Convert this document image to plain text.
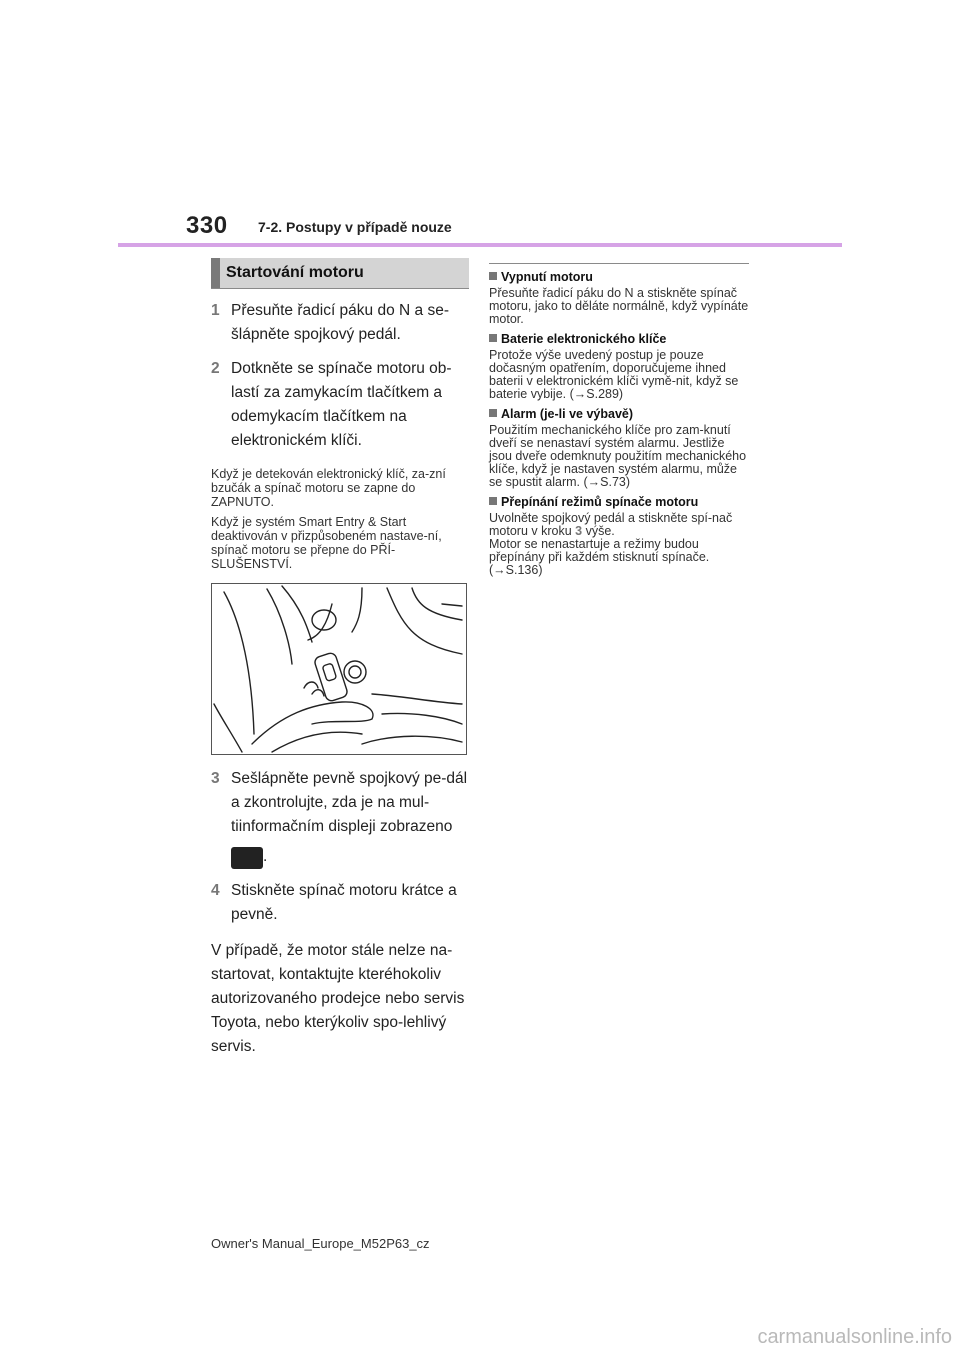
330 7-2. Postupy v případě nouze
Startování motoru
1 Přesuňte řadicí páku do N a se-šlápněte spojkový pedál.
2 Dotkněte se spínače motoru ob-lastí za zamykacím tlačítkem a odemykacím tlačítkem na elektronickém klíči.
Když je detekován elektronický klíč, za-zní bzučák a spínač motoru se zapne do ZAPNUTO.
Když je systém Smart Entry & Start deaktivován v přizpůsobeném nastave-ní, spínač motoru se přepne do PŘÍ-SLUŠENSTVÍ.
3 Sešlápněte pevně spojkový pe-dál a zkontrolujte, zda je na mul-tiinformačním displeji zobrazeno
.
4 Stiskněte spínač motoru krátce a pevně.
V případě, že motor stále nelze na-startovat, kontaktujte kteréhokoliv autorizovaného prodejce nebo servis Toyota, nebo kterýkoliv spo-lehlivý servis.
Vypnutí motoru
Přesuňte řadicí páku do N a stiskněte spínač motoru, jako to děláte normálně, když vypínáte motor.
Baterie elektronického klíče
Protože výše uvedený postup je pouze dočasným opatřením, doporučujeme ihned baterii v elektronickém klíči vymě-nit, když se baterie vybije. (→S.289)
Alarm (je-li ve výbavě)
Použitím mechanického klíče pro zam-knutí dveří se nenastaví systém alarmu. Jestliže jsou dveře odemknuty použitím mechanického klíče, když je nastaven systém alarmu, může se spustit alarm. (→S.73)
Přepínání režimů spínače motoru
Uvolněte spojkový pedál a stiskněte spí-nač motoru v kroku 3 výše.
Motor se nenastartuje a režimy budou přepínány při každém stisknutí spínače. (→S.136)
Owner's Manual_Europe_M52P63_cz
carmanualsonline.info
